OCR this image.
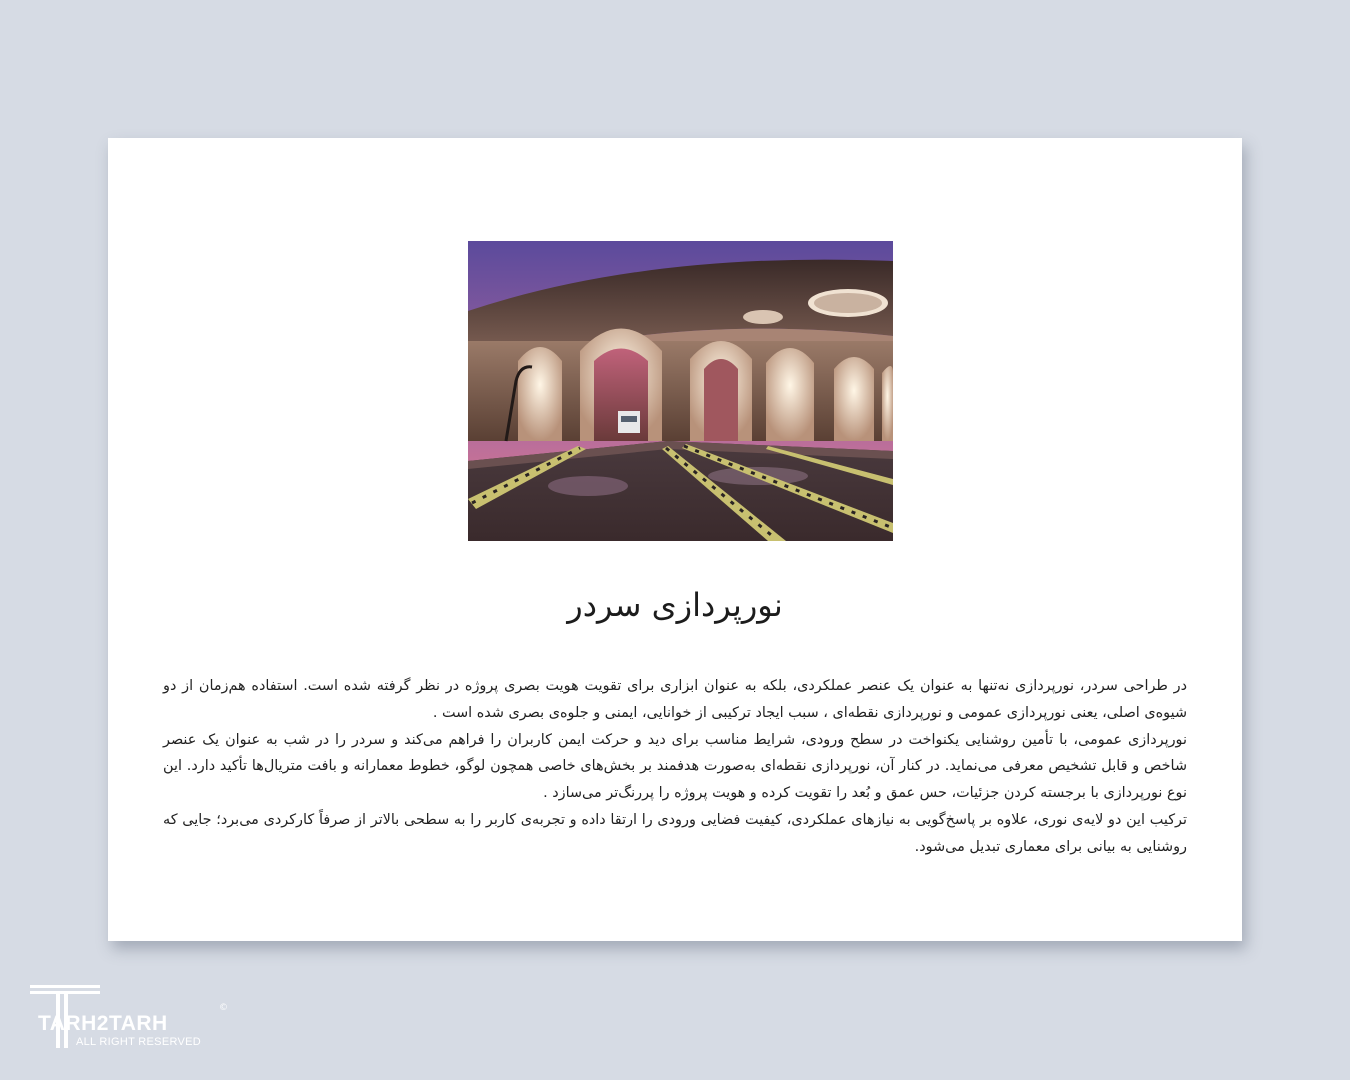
نورپردازی سردر

در طراحی سردر، نورپردازی نه‌تنها به عنوان یک عنصر عملکردی، بلکه به عنوان ابزاری برای تقویت هویت بصری پروژه در نظر گرفته شده است. استفاده هم‌زمان از دو شیوه‌ی اصلی، یعنی نورپردازی عمومی و نورپردازی نقطه‌ای ، سبب ایجاد ترکیبی از خوانایی، ایمنی و جلوه‌ی بصری شده است .

نورپردازی عمومی، با تأمین روشنایی یکنواخت در سطح ورودی، شرایط مناسب برای دید و حرکت ایمن کاربران را فراهم می‌کند و سردر را در شب به عنوان یک عنصر شاخص و قابل تشخیص معرفی می‌نماید. در کنار آن، نورپردازی نقطه‌ای به‌صورت هدفمند بر بخش‌های خاصی همچون لوگو، خطوط معمارانه و بافت متریال‌ها تأکید دارد. این نوع نورپردازی با برجسته کردن جزئیات، حس عمق و بُعد را تقویت کرده و هویت پروژه را پررنگ‌تر می‌سازد .

ترکیب این دو لایه‌ی نوری، علاوه بر پاسخ‌گویی به نیازهای عملکردی، کیفیت فضایی ورودی را ارتقا داده و تجربه‌ی کاربر را به سطحی بالاتر از صرفاً کارکردی می‌برد؛ جایی که روشنایی به بیانی برای معماری تبدیل می‌شود.

TARH2TARH
ALL RIGHT RESERVED
©
